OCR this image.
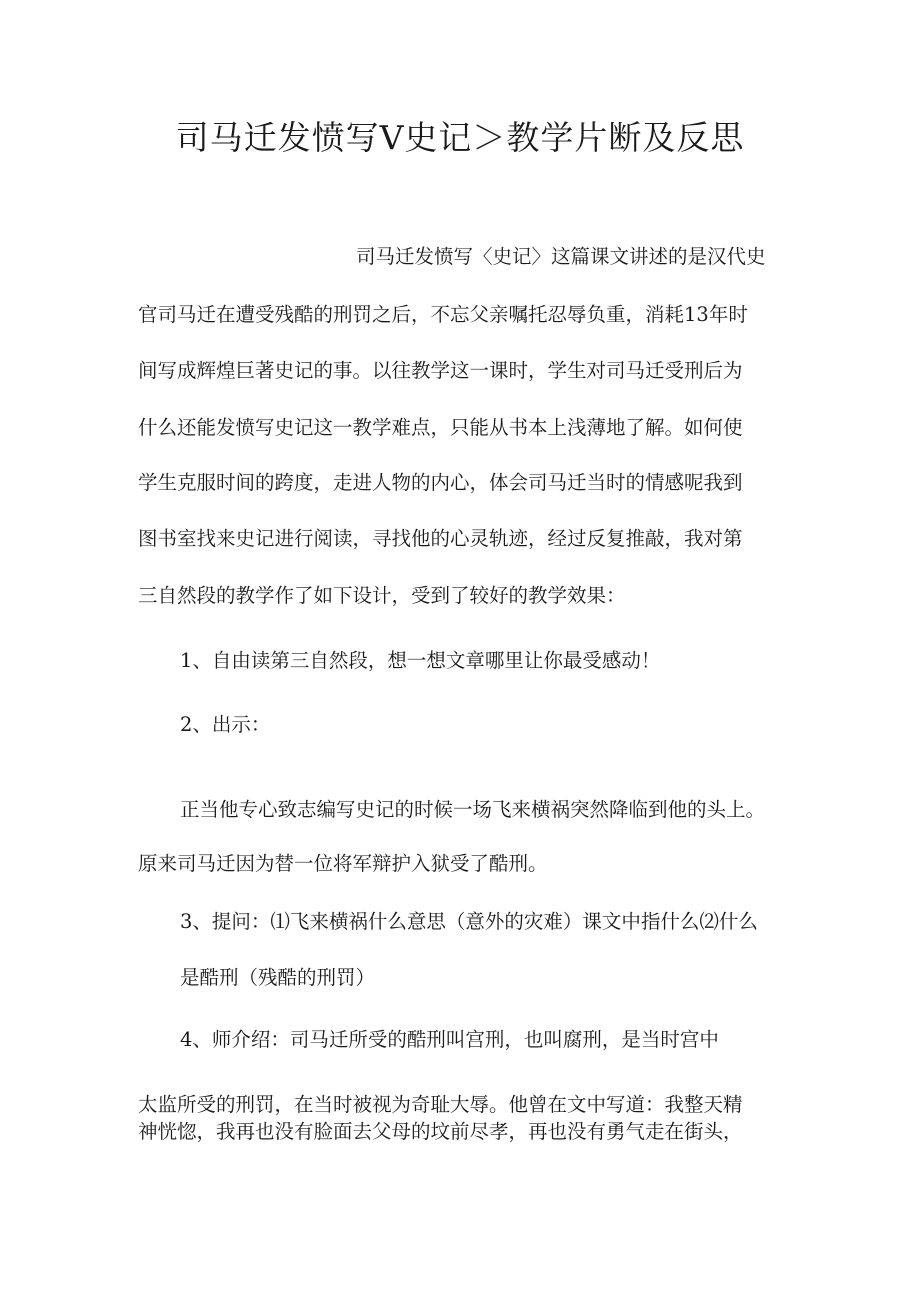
司马迁发愤写Ⅴ史记＞教学片断及反思
司马迁发愤写〈史记〉这篇课文讲述的是汉代史
官司马迁在遭受残酷的刑罚之后，不忘父亲嘱托忍辱负重，消耗13年时
间写成辉煌巨著史记的事。以往教学这一课时，学生对司马迁受刑后为
什么还能发愤写史记这一教学难点，只能从书本上浅薄地了解。如何使
学生克服时间的跨度，走进人物的内心，体会司马迁当时的情感呢我到
图书室找来史记进行阅读，寻找他的心灵轨迹，经过反复推敲，我对第
三自然段的教学作了如下设计，受到了较好的教学效果：
1、自由读第三自然段，想一想文章哪里让你最受感动！
2、出示：
正当他专心致志编写史记的时候一场飞来横祸突然降临到他的头上。
原来司马迁因为替一位将军辩护入狱受了酷刑。
3、提问：⑴飞来横祸什么意思（意外的灾难）课文中指什么⑵什么
是酷刑（残酷的刑罚）
4、师介绍：司马迁所受的酷刑叫宫刑，也叫腐刑，是当时宫中
太监所受的刑罚，在当时被视为奇耻大辱。他曾在文中写道：我整天精
神恍惚，我再也没有脸面去父母的坟前尽孝，再也没有勇气走在街头，
